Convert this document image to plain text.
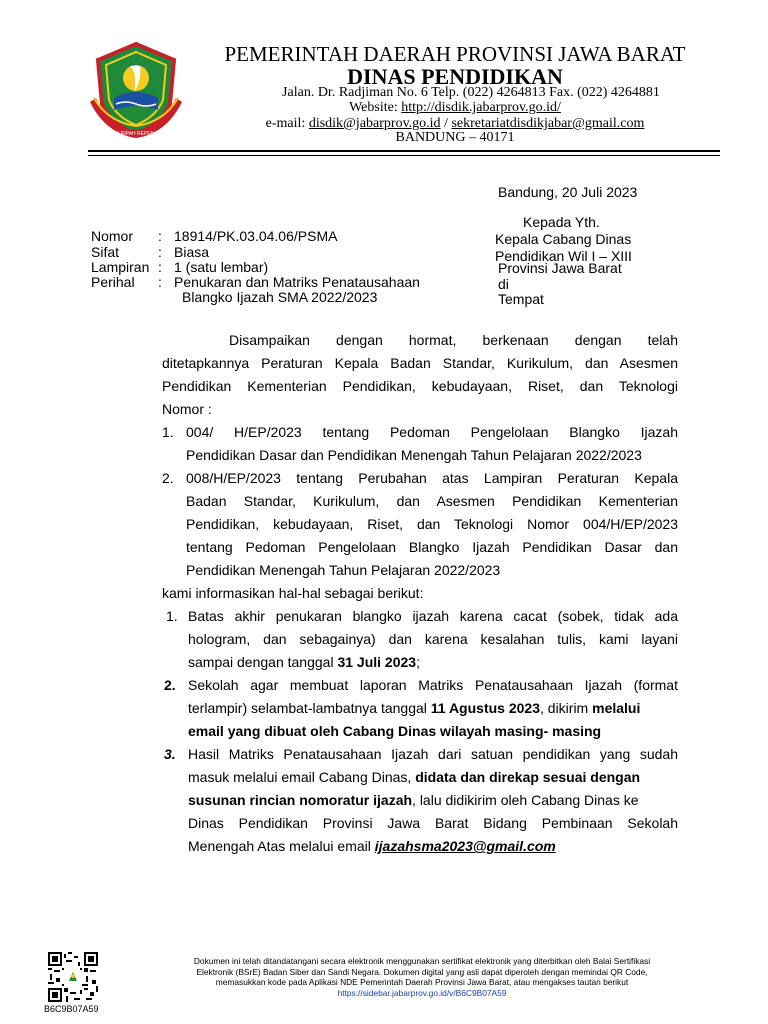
GEMAH RIPAH REPEH RAPIH
PEMERINTAH DAERAH PROVINSI JAWA BARAT
DINAS PENDIDIKAN
Jalan. Dr. Radjiman No. 6 Telp. (022) 4264813 Fax. (022) 4264881
Website: http://disdik.jabarprov.go.id/
e-mail: disdik@jabarprov.go.id / sekretariatdisdikjabar@gmail.com
BANDUNG – 40171
Bandung, 20 Juli 2023
Kepada Yth.
Kepala Cabang Dinas
Pendidikan Wil I – XIII
Provinsi Jawa Barat
di
Tempat
Nomor : 18914/PK.03.04.06/PSMA
Sifat	: Biasa
Lampiran : 1 (satu lembar)
Perihal : Penukaran dan Matriks Penatausahaan
Blangko Ijazah SMA 2022/2023
Disampaikan dengan hormat, berkenaan dengan telah
ditetapkannya Peraturan Kepala Badan Standar, Kurikulum, dan Asesmen
Pendidikan Kementerian Pendidikan, kebudayaan, Riset, dan Teknologi
Nomor :
1. 004/ H/EP/2023 tentang Pedoman Pengelolaan Blangko Ijazah
Pendidikan Dasar dan Pendidikan Menengah Tahun Pelajaran 2022/2023
2. 008/H/EP/2023 tentang Perubahan atas Lampiran Peraturan Kepala
Badan Standar, Kurikulum, dan Asesmen Pendidikan Kementerian
Pendidikan, kebudayaan, Riset, dan Teknologi Nomor 004/H/EP/2023
tentang Pedoman Pengelolaan Blangko Ijazah Pendidikan Dasar dan
Pendidikan Menengah Tahun Pelajaran 2022/2023
kami informasikan hal-hal sebagai berikut:
1. Batas akhir penukaran blangko ijazah karena cacat (sobek, tidak ada
hologram, dan sebagainya) dan karena kesalahan tulis, kami layani
sampai dengan tanggal 31 Juli 2023;
2. Sekolah agar membuat laporan Matriks Penatausahaan Ijazah (format
terlampir) selambat-lambatnya tanggal 11 Agustus 2023, dikirim melalui
email yang dibuat oleh Cabang Dinas wilayah masing- masing
3. Hasil Matriks Penatausahaan Ijazah dari satuan pendidikan yang sudah
masuk melalui email Cabang Dinas, didata dan direkap sesuai dengan
susunan rincian nomoratur ijazah, lalu didikirim oleh Cabang Dinas ke
Dinas Pendidikan Provinsi Jawa Barat Bidang Pembinaan Sekolah
Menengah Atas melalui email ijazahsma2023@gmail.com
B6C9B07A59
Dokumen ini telah ditandatangani secara elektronik menggunakan sertifikat elektronik yang diterbitkan oleh Balai Sertifikasi
Elektronik (BSrE) Badan Siber dan Sandi Negara. Dokumen digital yang asli dapat diperoleh dengan memindai QR Code,
memasukkan kode pada Aplikasi NDE Pemerintah Daerah Provinsi Jawa Barat, atau mengakses tautan berikut
https://sidebar.jabarprov.go.id/v/B6C9B07A59
